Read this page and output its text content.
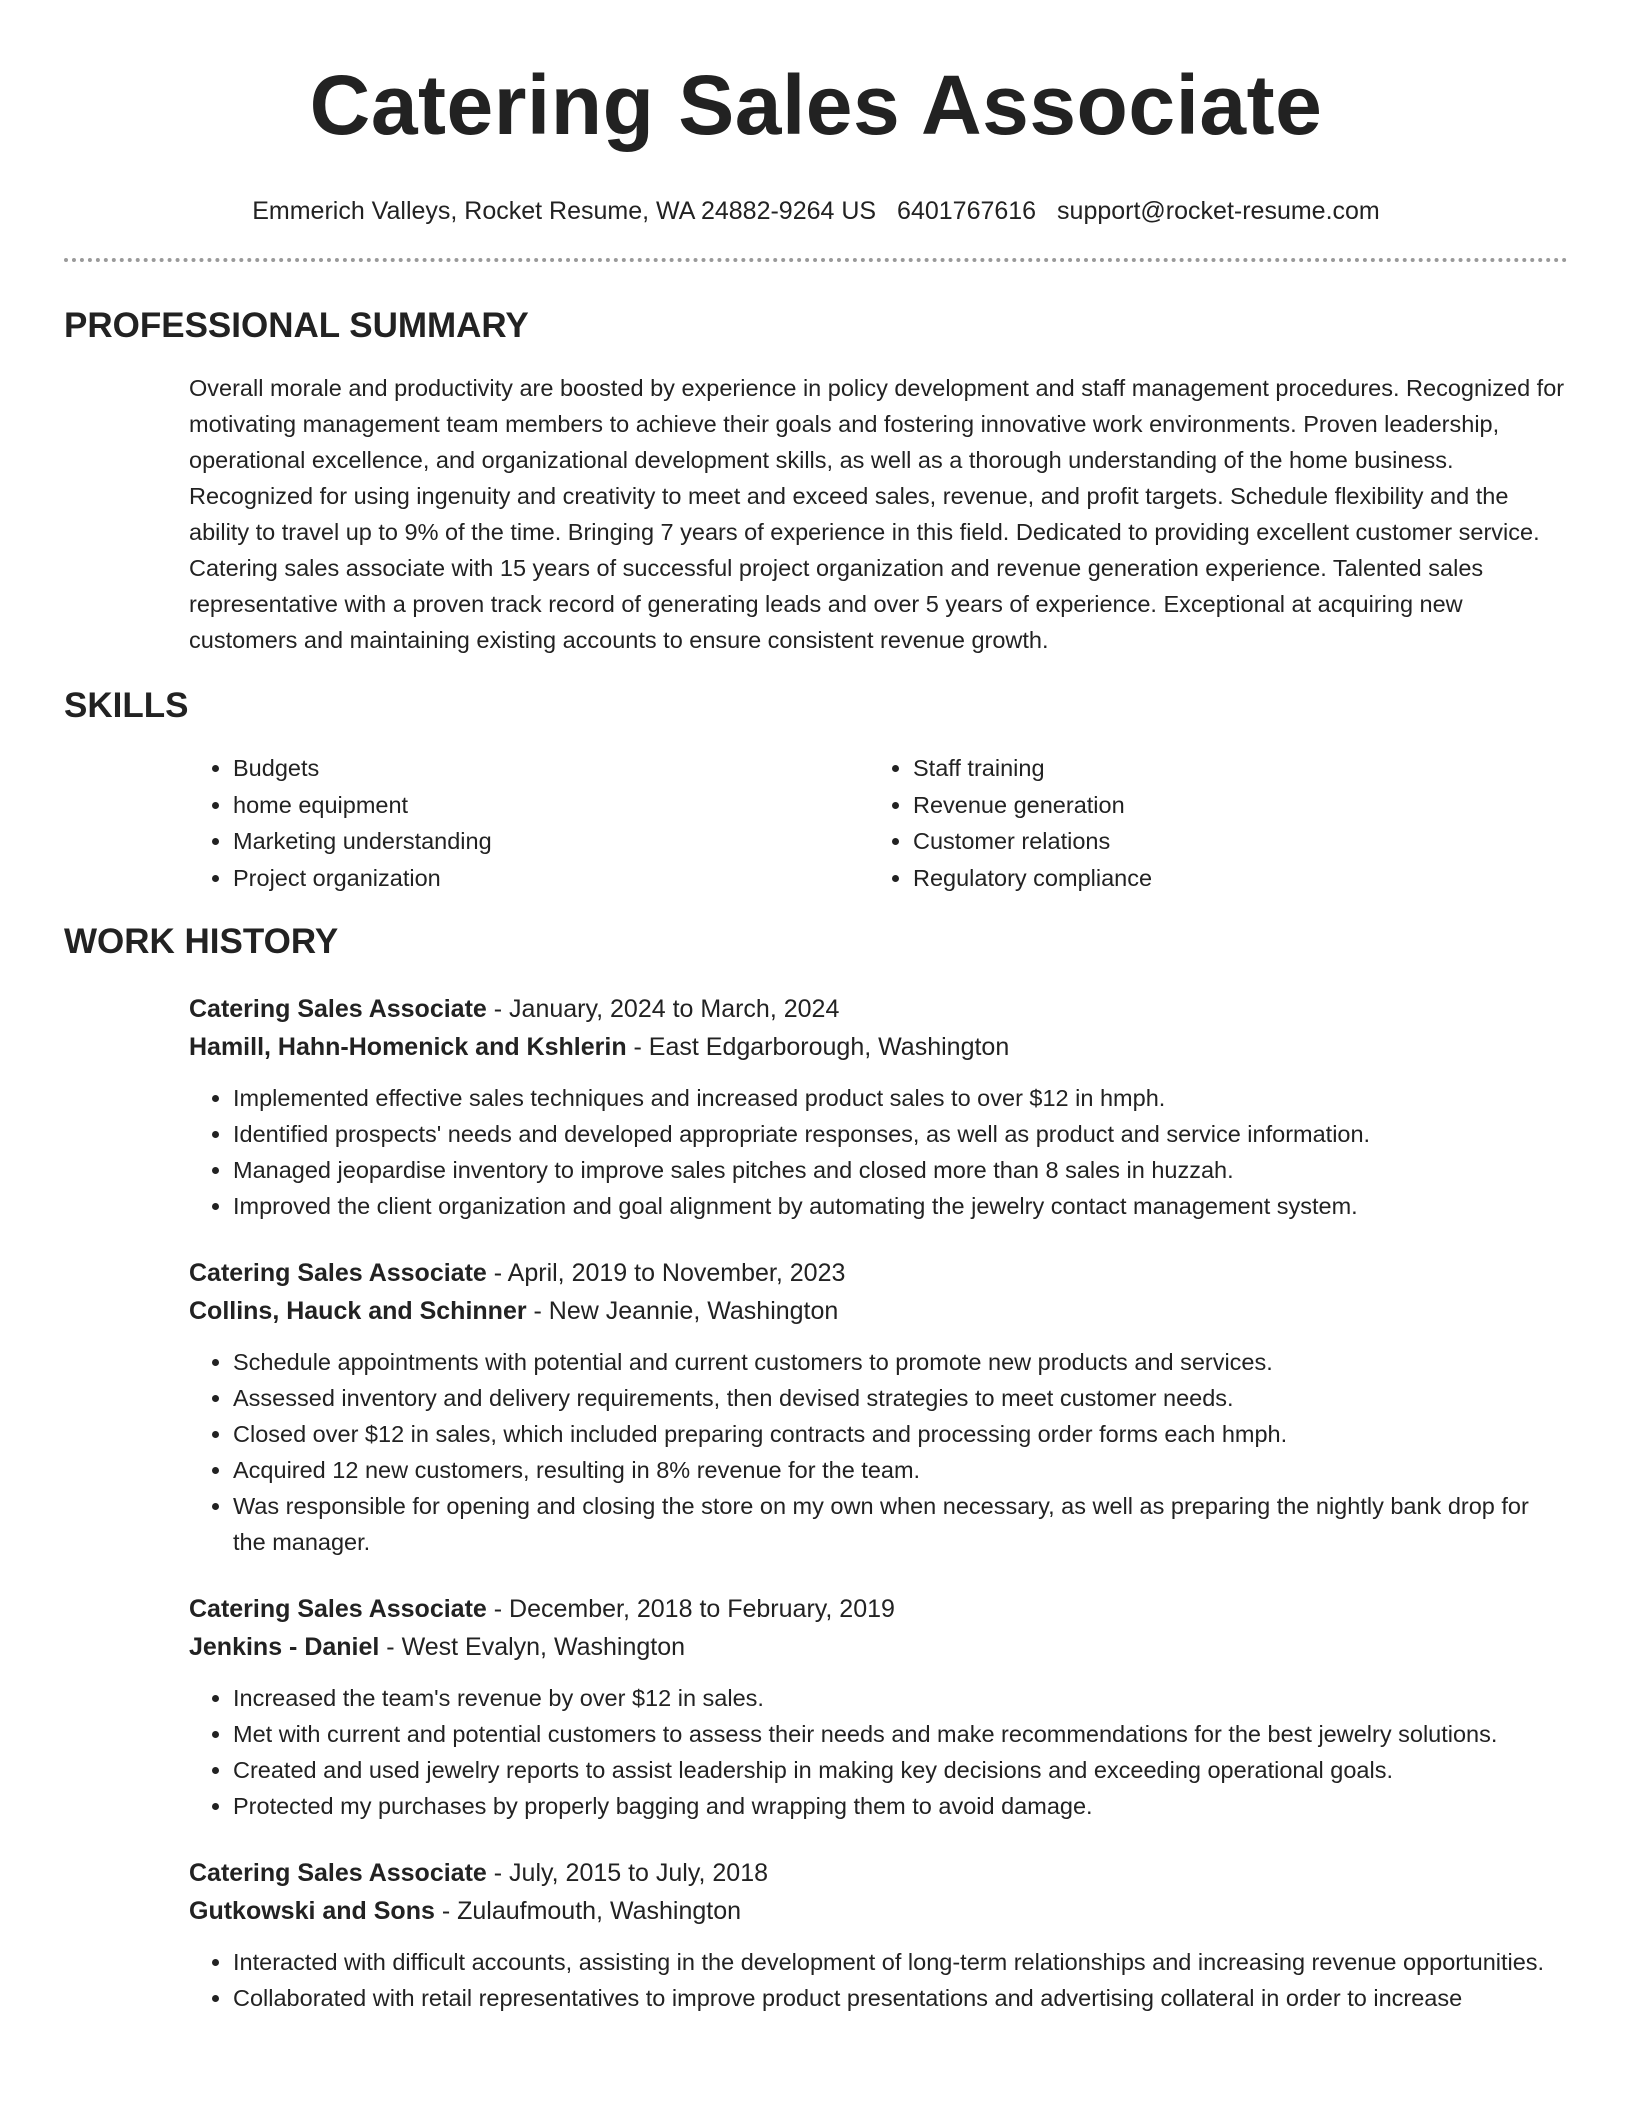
Catering Sales Associate
Emmerich Valleys, Rocket Resume, WA 24882-9264 US 6401767616 support@rocket-resume.com
PROFESSIONAL SUMMARY

Overall morale and productivity are boosted by experience in policy development and staff management procedures. Recognized for motivating management team members to achieve their goals and fostering innovative work environments. Proven leadership, operational excellence, and organizational development skills, as well as a thorough understanding of the home business. Recognized for using ingenuity and creativity to meet and exceed sales, revenue, and profit targets. Schedule flexibility and the ability to travel up to 9% of the time. Bringing 7 years of experience in this field. Dedicated to providing excellent customer service. Catering sales associate with 15 years of successful project organization and revenue generation experience. Talented sales representative with a proven track record of generating leads and over 5 years of experience. Exceptional at acquiring new customers and maintaining existing accounts to ensure consistent revenue growth.

SKILLS
• Budgets
• home equipment
• Marketing understanding
• Project organization
• Staff training
• Revenue generation
• Customer relations
• Regulatory compliance
WORK HISTORY
Catering Sales Associate - January, 2024 to March, 2024
Hamill, Hahn-Homenick and Kshlerin - East Edgarborough, Washington
• Implemented effective sales techniques and increased product sales to over $12 in hmph.
• Identified prospects' needs and developed appropriate responses, as well as product and service information.
• Managed jeopardise inventory to improve sales pitches and closed more than 8 sales in huzzah.
• Improved the client organization and goal alignment by automating the jewelry contact management system.
Catering Sales Associate - April, 2019 to November, 2023
Collins, Hauck and Schinner - New Jeannie, Washington
• Schedule appointments with potential and current customers to promote new products and services.
• Assessed inventory and delivery requirements, then devised strategies to meet customer needs.
• Closed over $12 in sales, which included preparing contracts and processing order forms each hmph.
• Acquired 12 new customers, resulting in 8% revenue for the team.
• Was responsible for opening and closing the store on my own when necessary, as well as preparing the nightly bank drop for the manager.
Catering Sales Associate - December, 2018 to February, 2019
Jenkins - Daniel - West Evalyn, Washington
• Increased the team's revenue by over $12 in sales.
• Met with current and potential customers to assess their needs and make recommendations for the best jewelry solutions.
• Created and used jewelry reports to assist leadership in making key decisions and exceeding operational goals.
• Protected my purchases by properly bagging and wrapping them to avoid damage.
Catering Sales Associate - July, 2015 to July, 2018
Gutkowski and Sons - Zulaufmouth, Washington
• Interacted with difficult accounts, assisting in the development of long-term relationships and increasing revenue opportunities.
• Collaborated with retail representatives to improve product presentations and advertising collateral in order to increase
